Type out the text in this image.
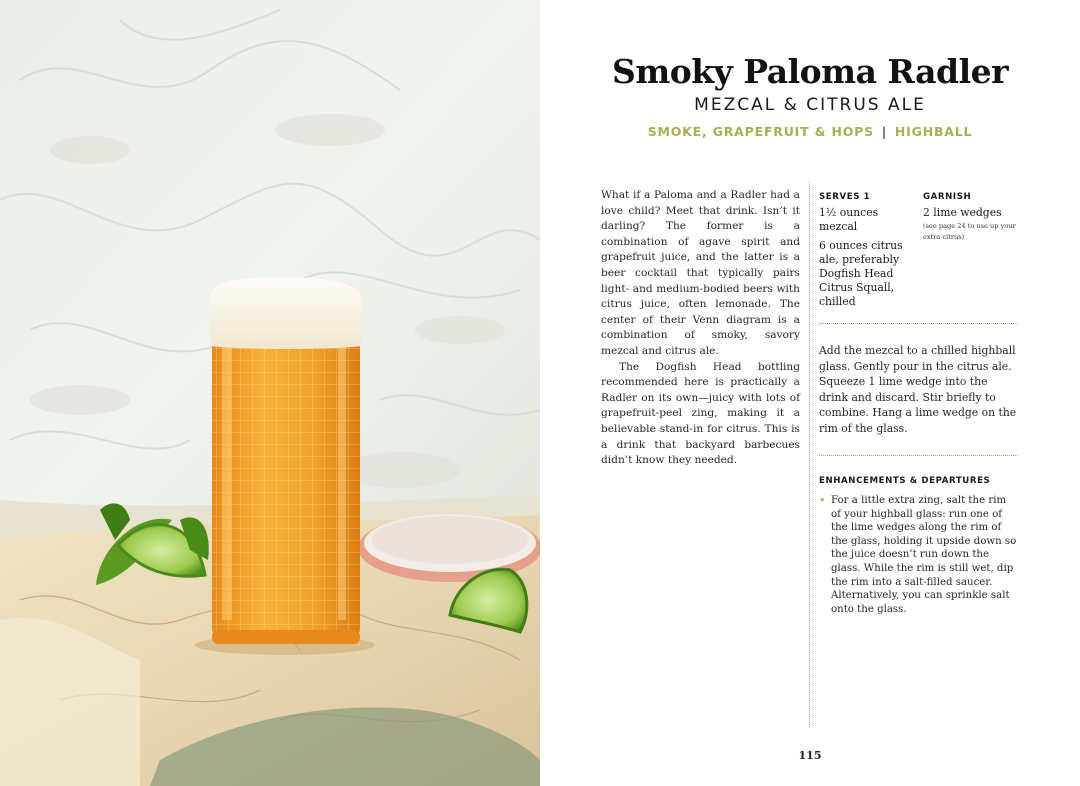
Smoky Paloma Radler
MEZCAL & CITRUS ALE
SMOKE, GRAPEFRUIT & HOPS | HIGHBALL

What if a Paloma and a Radler had a love child? Meet that drink. Isn’t it darling? The former is a combination of agave spirit and grapefruit juice, and the latter is a beer cocktail that typically pairs light- and medium-bodied beers with citrus juice, often lemonade. The center of their Venn diagram is a combination of smoky, savory mezcal and citrus ale.

The Dogfish Head bottling recommended here is practically a Radler on its own—juicy with lots of grapefruit-peel zing, making it a believable stand-in for citrus. This is a drink that backyard barbecues didn’t know they needed.

SERVES 1
1½ ounces mezcal
6 ounces citrus ale, preferably Dogfish Head Citrus Squall, chilled
GARNISH
2 lime wedges
(see page 24 to use up your extra citrus)

Add the mezcal to a chilled highball glass. Gently pour in the citrus ale. Squeeze 1 lime wedge into the drink and discard. Stir briefly to combine. Hang a lime wedge on the rim of the glass.

ENHANCEMENTS & DEPARTURES
• For a little extra zing, salt the rim of your highball glass: run one of the lime wedges along the rim of the glass, holding it upside down so the juice doesn’t run down the glass. While the rim is still wet, dip the rim into a salt-filled saucer. Alternatively, you can sprinkle salt onto the glass.
115
